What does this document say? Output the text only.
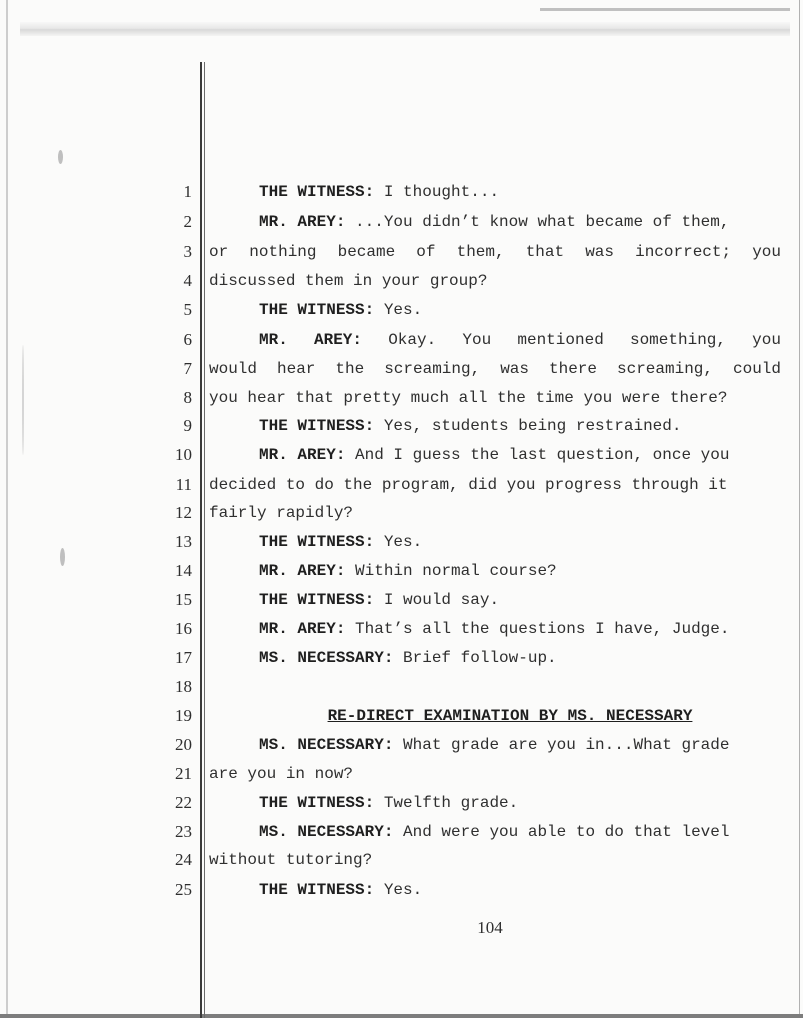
1
2
3
4
5
6
7
8
9
10
11
12
13
14
15
16
17
18
19
20
21
22
23
24
25
THE WITNESS: I thought...
MR. AREY: ...You didn’t know what became of them,
or nothing became of them, that was incorrect; you
discussed them in your group?
THE WITNESS: Yes.
MR. AREY: Okay. You mentioned something, you
would hear the screaming, was there screaming, could
you hear that pretty much all the time you were there?
THE WITNESS: Yes, students being restrained.
MR. AREY: And I guess the last question, once you
decided to do the program, did you progress through it
fairly rapidly?
THE WITNESS: Yes.
MR. AREY: Within normal course?
THE WITNESS: I would say.
MR. AREY: That’s all the questions I have, Judge.
MS. NECESSARY: Brief follow-up.
RE-DIRECT EXAMINATION BY MS. NECESSARY
MS. NECESSARY: What grade are you in...What grade
are you in now?
THE WITNESS: Twelfth grade.
MS. NECESSARY: And were you able to do that level
without tutoring?
THE WITNESS: Yes.
104
